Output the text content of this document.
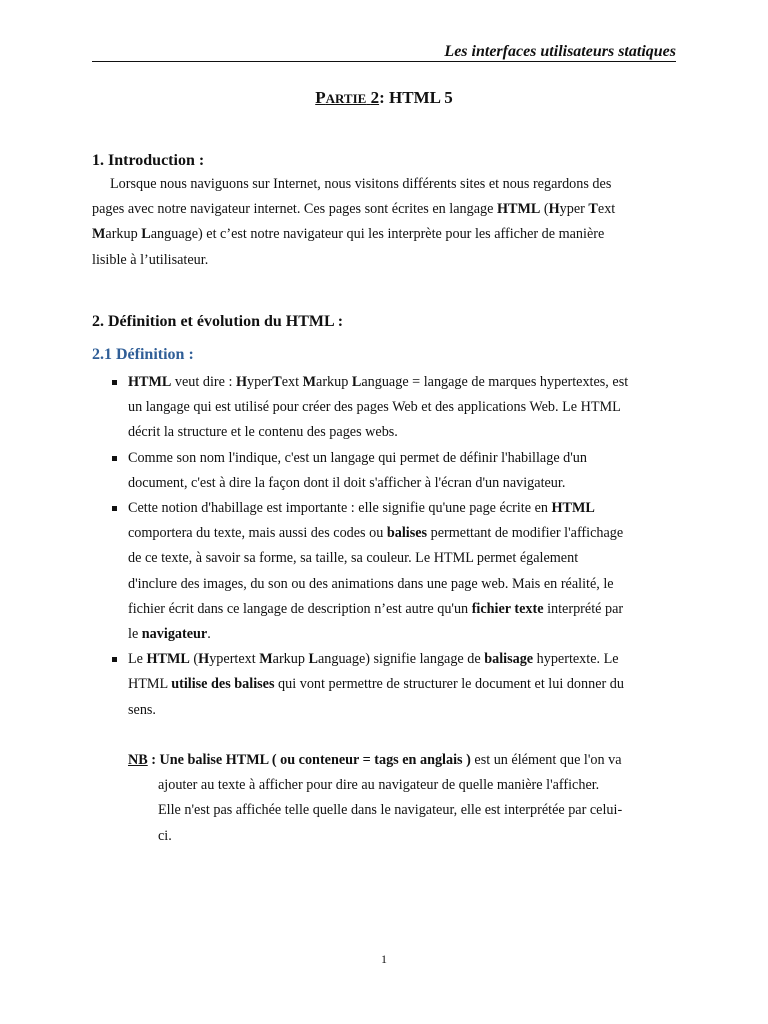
Les interfaces utilisateurs statiques
PARTIE 2: HTML 5
1. Introduction :

Lorsque nous naviguons sur Internet, nous visitons différents sites et nous regardons des

pages avec notre navigateur internet. Ces pages sont écrites en langage HTML (Hyper Text

Markup Language) et c’est notre navigateur qui les interprète pour les afficher de manière

lisible à l’utilisateur.

2. Définition et évolution du HTML :
2.1 Définition :
HTML veut dire : HyperText Markup Language = langage de marques hypertextes, est
un langage qui est utilisé pour créer des pages Web et des applications Web. Le HTML
décrit la structure et le contenu des pages webs.
Comme son nom l'indique, c'est un langage qui permet de définir l'habillage d'un
document, c'est à dire la façon dont il doit s'afficher à l'écran d'un navigateur.
Cette notion d'habillage est importante : elle signifie qu'une page écrite en HTML
comportera du texte, mais aussi des codes ou balises permettant de modifier l'affichage
de ce texte, à savoir sa forme, sa taille, sa couleur. Le HTML permet également
d'inclure des images, du son ou des animations dans une page web. Mais en réalité, le
fichier écrit dans ce langage de description n’est autre qu'un fichier texte interprété par
le navigateur.
Le HTML (Hypertext Markup Language) signifie langage de balisage hypertexte. Le
HTML utilise des balises qui vont permettre de structurer le document et lui donner du
sens.
NB : Une balise HTML ( ou conteneur = tags en anglais ) est un élément que l'on va
ajouter au texte à afficher pour dire au navigateur de quelle manière l'afficher.
Elle n'est pas affichée telle quelle dans le navigateur, elle est interprétée par celui-
ci.
1
